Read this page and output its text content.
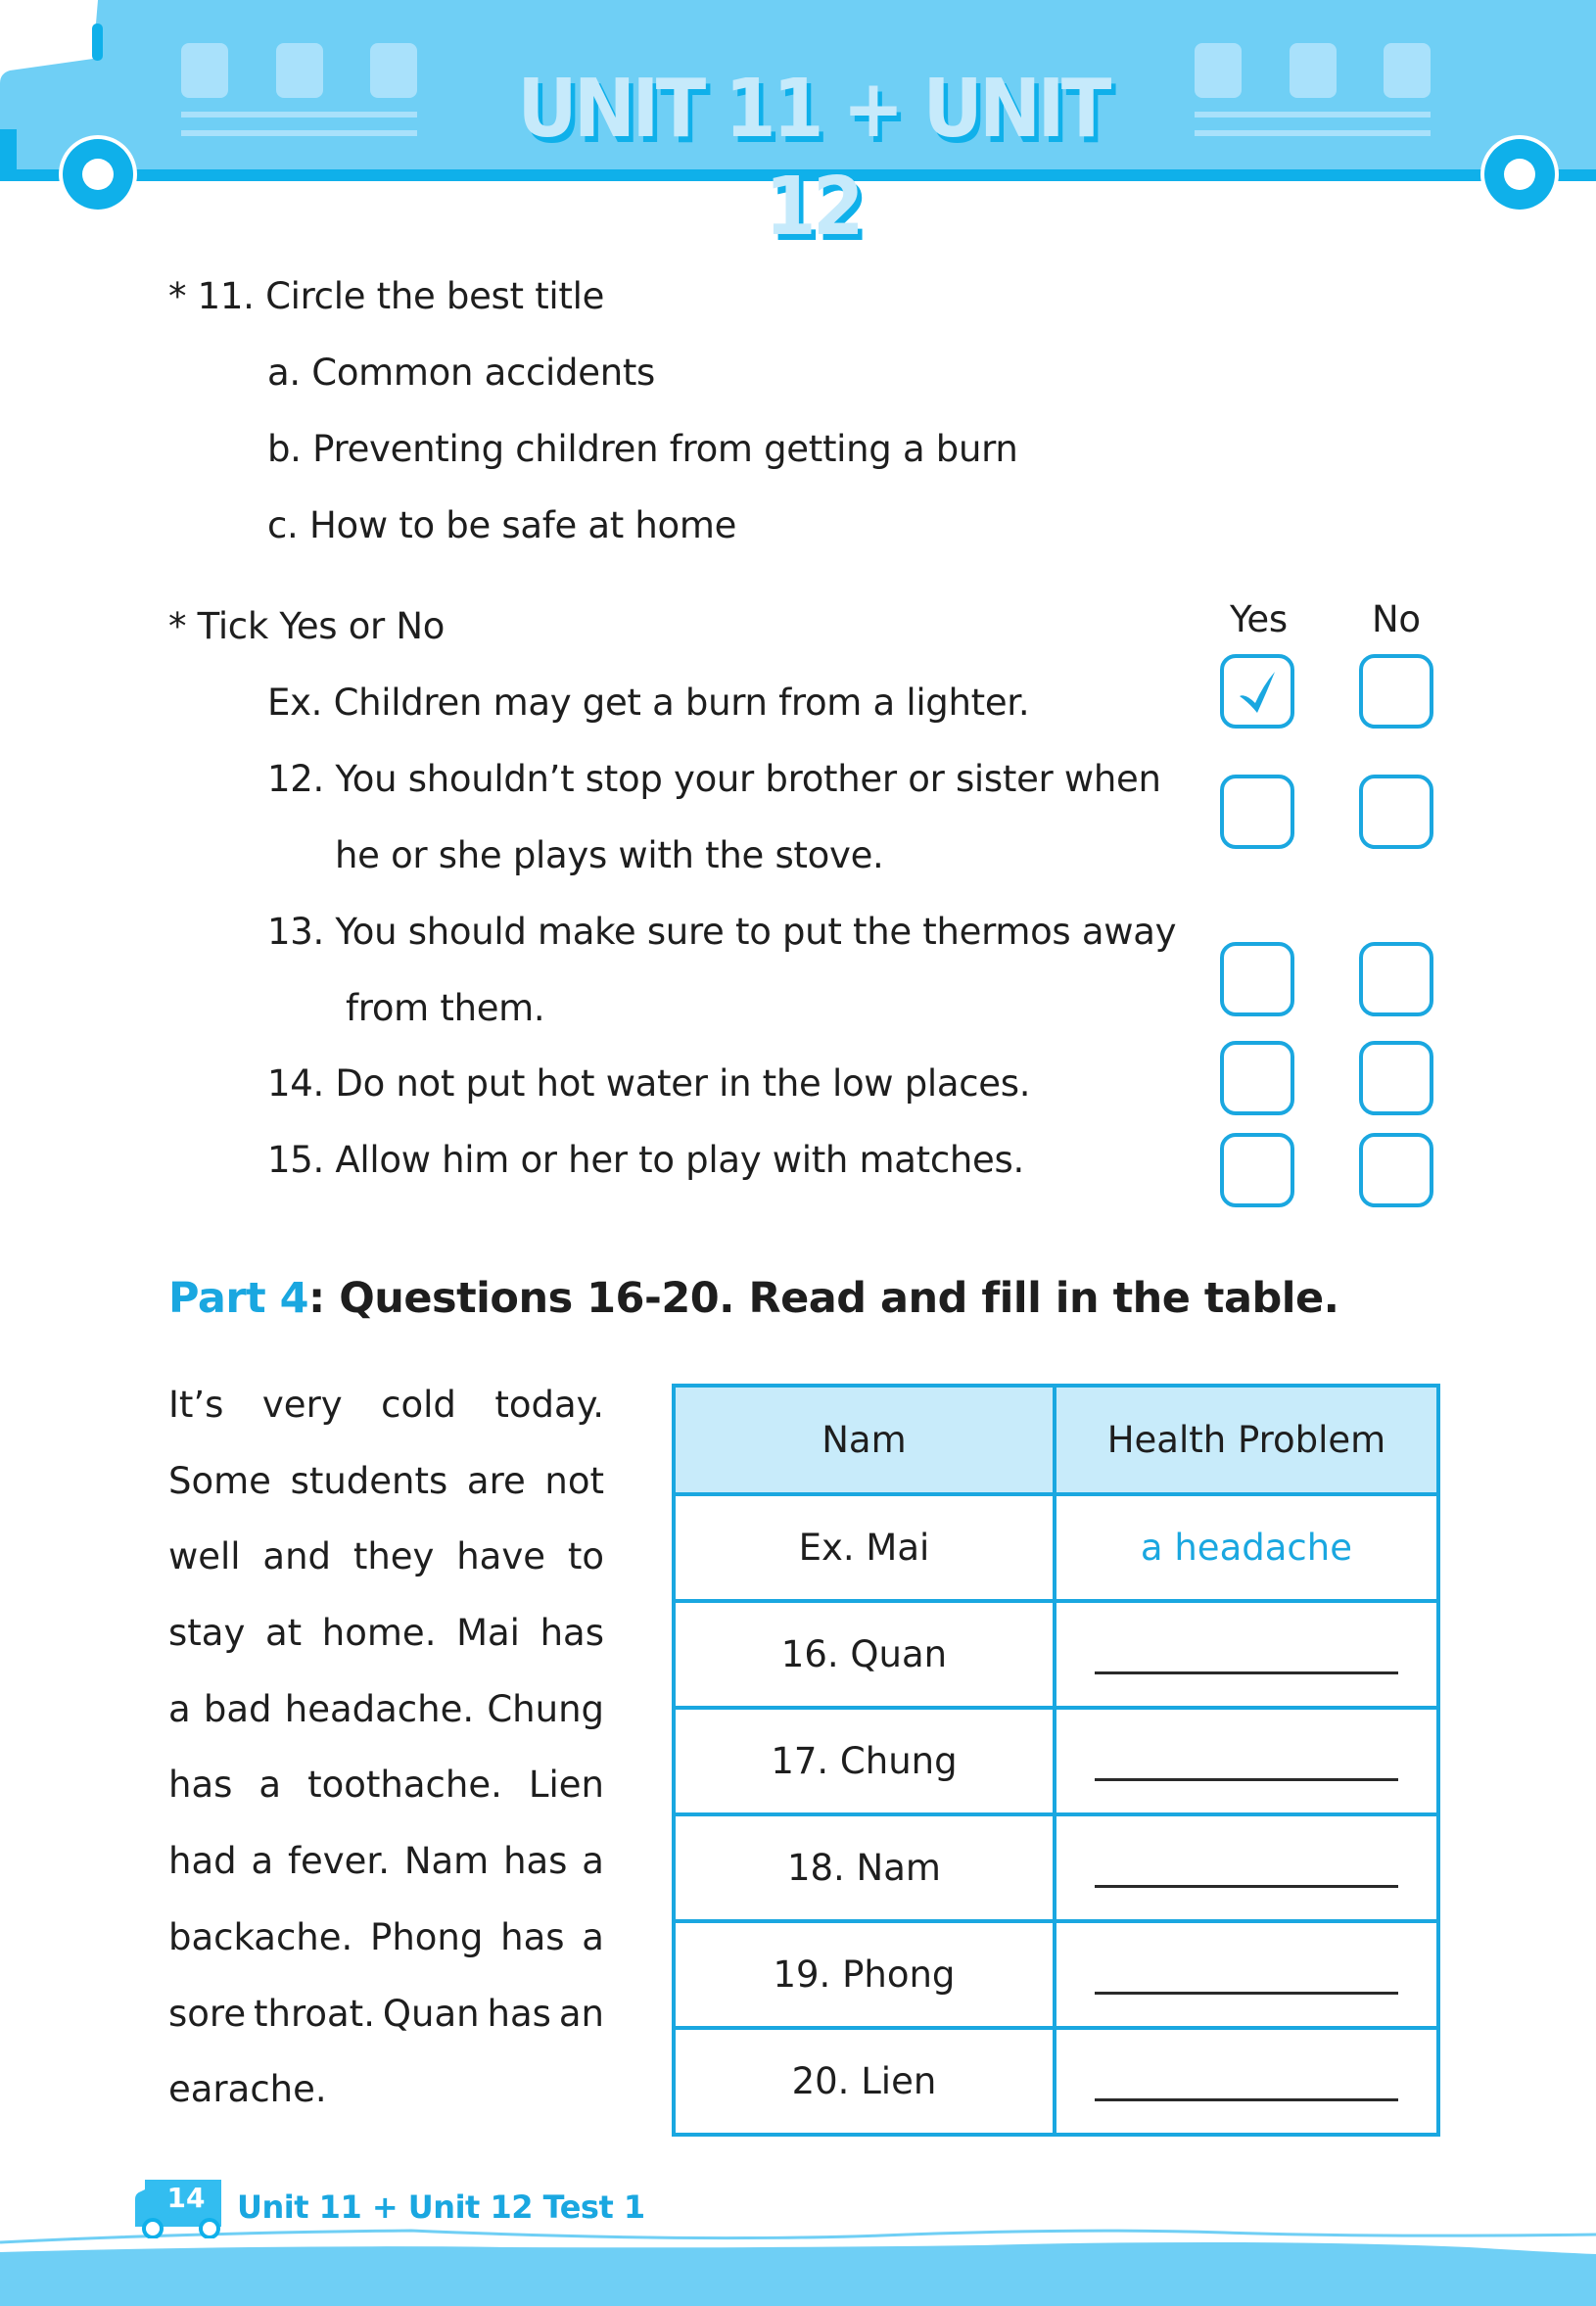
UNIT 11 + UNIT 12
* 11. Circle the best title
a. Common accidents
b. Preventing children from getting a burn
c. How to be safe at home
* Tick Yes or No	Yes No
Ex. Children may get a burn from a lighter.
12. You shouldn’t stop your brother or sister when
he or she plays with the stove.
13. You should make sure to put the thermos away
from them.
14. Do not put hot water in the low places.
15. Allow him or her to play with matches.
Part 4: Questions 16-20. Read and fill in the table.
It’s very cold today.
Some students are not
well and they have to
stay at home. Mai has
a bad headache. Chung
has a toothache. Lien
had a fever. Nam has a
backache. Phong has a
sore throat. Quan has an
earache.
Nam	Health Problem
Ex. Mai	a headache
16. Quan	
17. Chung	
18. Nam	
19. Phong	
20. Lien	
14 Unit 11 + Unit 12 Test 1
